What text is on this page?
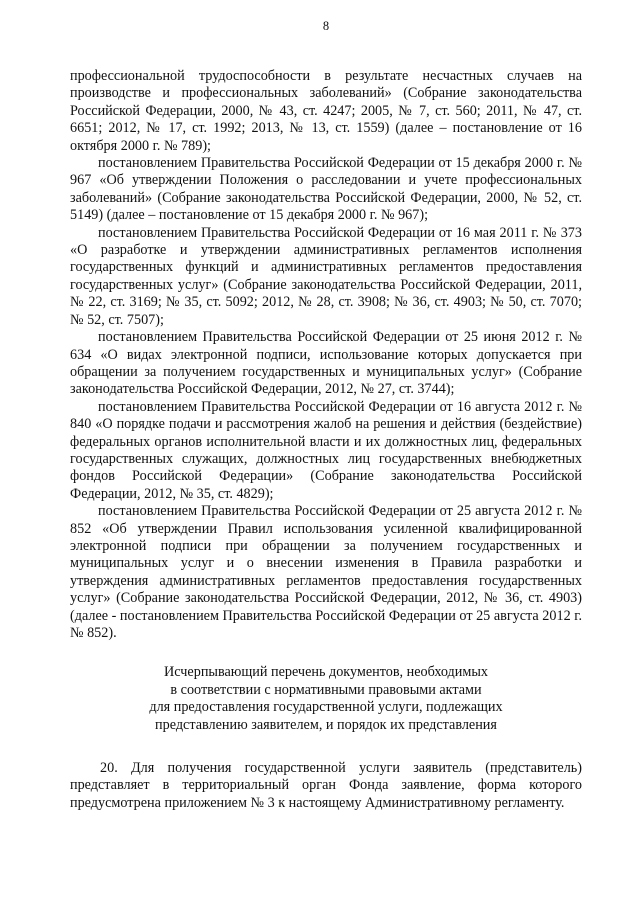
8

профессиональной трудоспособности в результате несчастных случаев на производстве и профессиональных заболеваний» (Собрание законодательства Российской Федерации, 2000, № 43, ст. 4247; 2005, № 7, ст. 560; 2011, № 47, ст. 6651; 2012, № 17, ст. 1992; 2013, № 13, ст. 1559) (далее – постановление от 16 октября 2000 г. № 789);

постановлением Правительства Российской Федерации от 15 декабря 2000 г. № 967 «Об утверждении Положения о расследовании и учете профессиональных заболеваний» (Собрание законодательства Российской Федерации, 2000, № 52, ст. 5149) (далее – постановление от 15 декабря 2000 г. № 967);

постановлением Правительства Российской Федерации от 16 мая 2011 г. № 373 «О разработке и утверждении административных регламентов исполнения государственных функций и административных регламентов предоставления государственных услуг» (Собрание законодательства Российской Федерации, 2011, № 22, ст. 3169; № 35, ст. 5092; 2012, № 28, ст. 3908; № 36, ст. 4903; № 50, ст. 7070; № 52, ст. 7507);

постановлением Правительства Российской Федерации от 25 июня 2012 г. № 634 «О видах электронной подписи, использование которых допускается при обращении за получением государственных и муниципальных услуг» (Собрание законодательства Российской Федерации, 2012, № 27, ст. 3744);

постановлением Правительства Российской Федерации от 16 августа 2012 г. № 840 «О порядке подачи и рассмотрения жалоб на решения и действия (бездействие) федеральных органов исполнительной власти и их должностных лиц, федеральных государственных служащих, должностных лиц государственных внебюджетных фондов Российской Федерации» (Собрание законодательства Российской Федерации, 2012, № 35, ст. 4829);

постановлением Правительства Российской Федерации от 25 августа 2012 г. № 852 «Об утверждении Правил использования усиленной квалифицированной электронной подписи при обращении за получением государственных и муниципальных услуг и о внесении изменения в Правила разработки и утверждения административных регламентов предоставления государственных услуг» (Собрание законодательства Российской Федерации, 2012, № 36, ст. 4903) (далее - постановлением Правительства Российской Федерации от 25 августа 2012 г. № 852).

Исчерпывающий перечень документов, необходимых
в соответствии с нормативными правовыми актами
для предоставления государственной услуги, подлежащих
представлению заявителем, и порядок их представления

20. Для получения государственной услуги заявитель (представитель) представляет в территориальный орган Фонда заявление, форма которого предусмотрена приложением № 3 к настоящему Административному регламенту.
